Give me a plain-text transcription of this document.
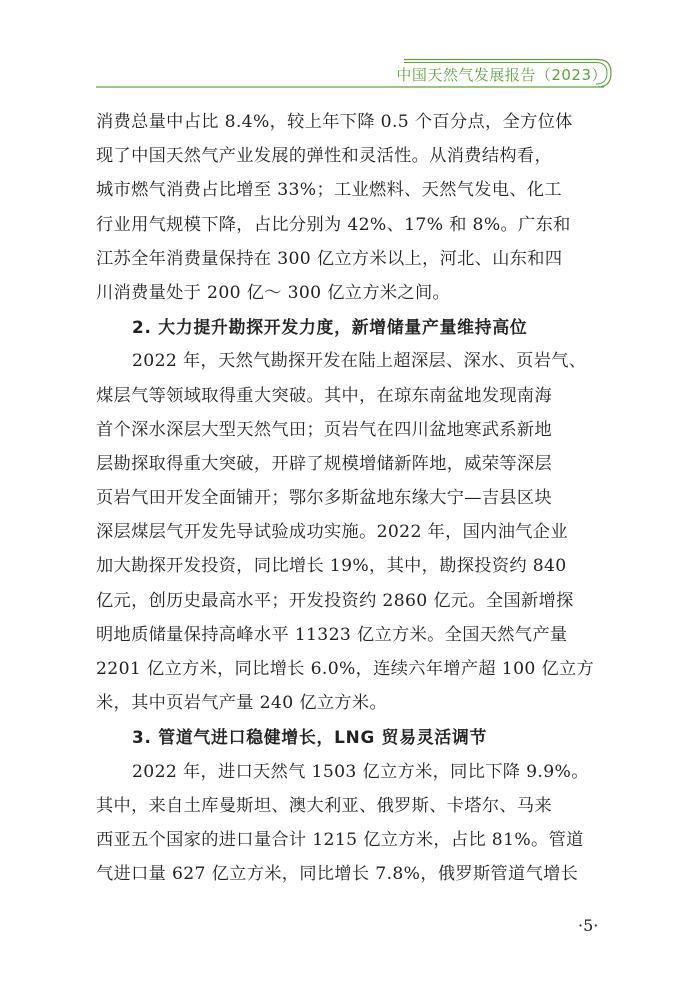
中国天然气发展报告（2023）
消费总量中占比 8.4%，较上年下降 0.5 个百分点，全方位体
现了中国天然气产业发展的弹性和灵活性。从消费结构看，
城市燃气消费占比增至 33%；工业燃料、天然气发电、化工
行业用气规模下降，占比分别为 42%、17% 和 8%。广东和
江苏全年消费量保持在 300 亿立方米以上，河北、山东和四
川消费量处于 200 亿～ 300 亿立方米之间。
2. 大力提升勘探开发力度，新增储量产量维持高位
2022 年，天然气勘探开发在陆上超深层、深水、页岩气、
煤层气等领域取得重大突破。其中，在琼东南盆地发现南海
首个深水深层大型天然气田；页岩气在四川盆地寒武系新地
层勘探取得重大突破，开辟了规模增储新阵地，威荣等深层
页岩气田开发全面铺开；鄂尔多斯盆地东缘大宁—吉县区块
深层煤层气开发先导试验成功实施。2022 年，国内油气企业
加大勘探开发投资，同比增长 19%，其中，勘探投资约 840
亿元，创历史最高水平；开发投资约 2860 亿元。全国新增探
明地质储量保持高峰水平 11323 亿立方米。全国天然气产量
2201 亿立方米，同比增长 6.0%，连续六年增产超 100 亿立方
米，其中页岩气产量 240 亿立方米。
3. 管道气进口稳健增长，LNG 贸易灵活调节
2022 年，进口天然气 1503 亿立方米，同比下降 9.9%。
其中，来自土库曼斯坦、澳大利亚、俄罗斯、卡塔尔、马来
西亚五个国家的进口量合计 1215 亿立方米，占比 81%。管道
气进口量 627 亿立方米，同比增长 7.8%，俄罗斯管道气增长
·5·
